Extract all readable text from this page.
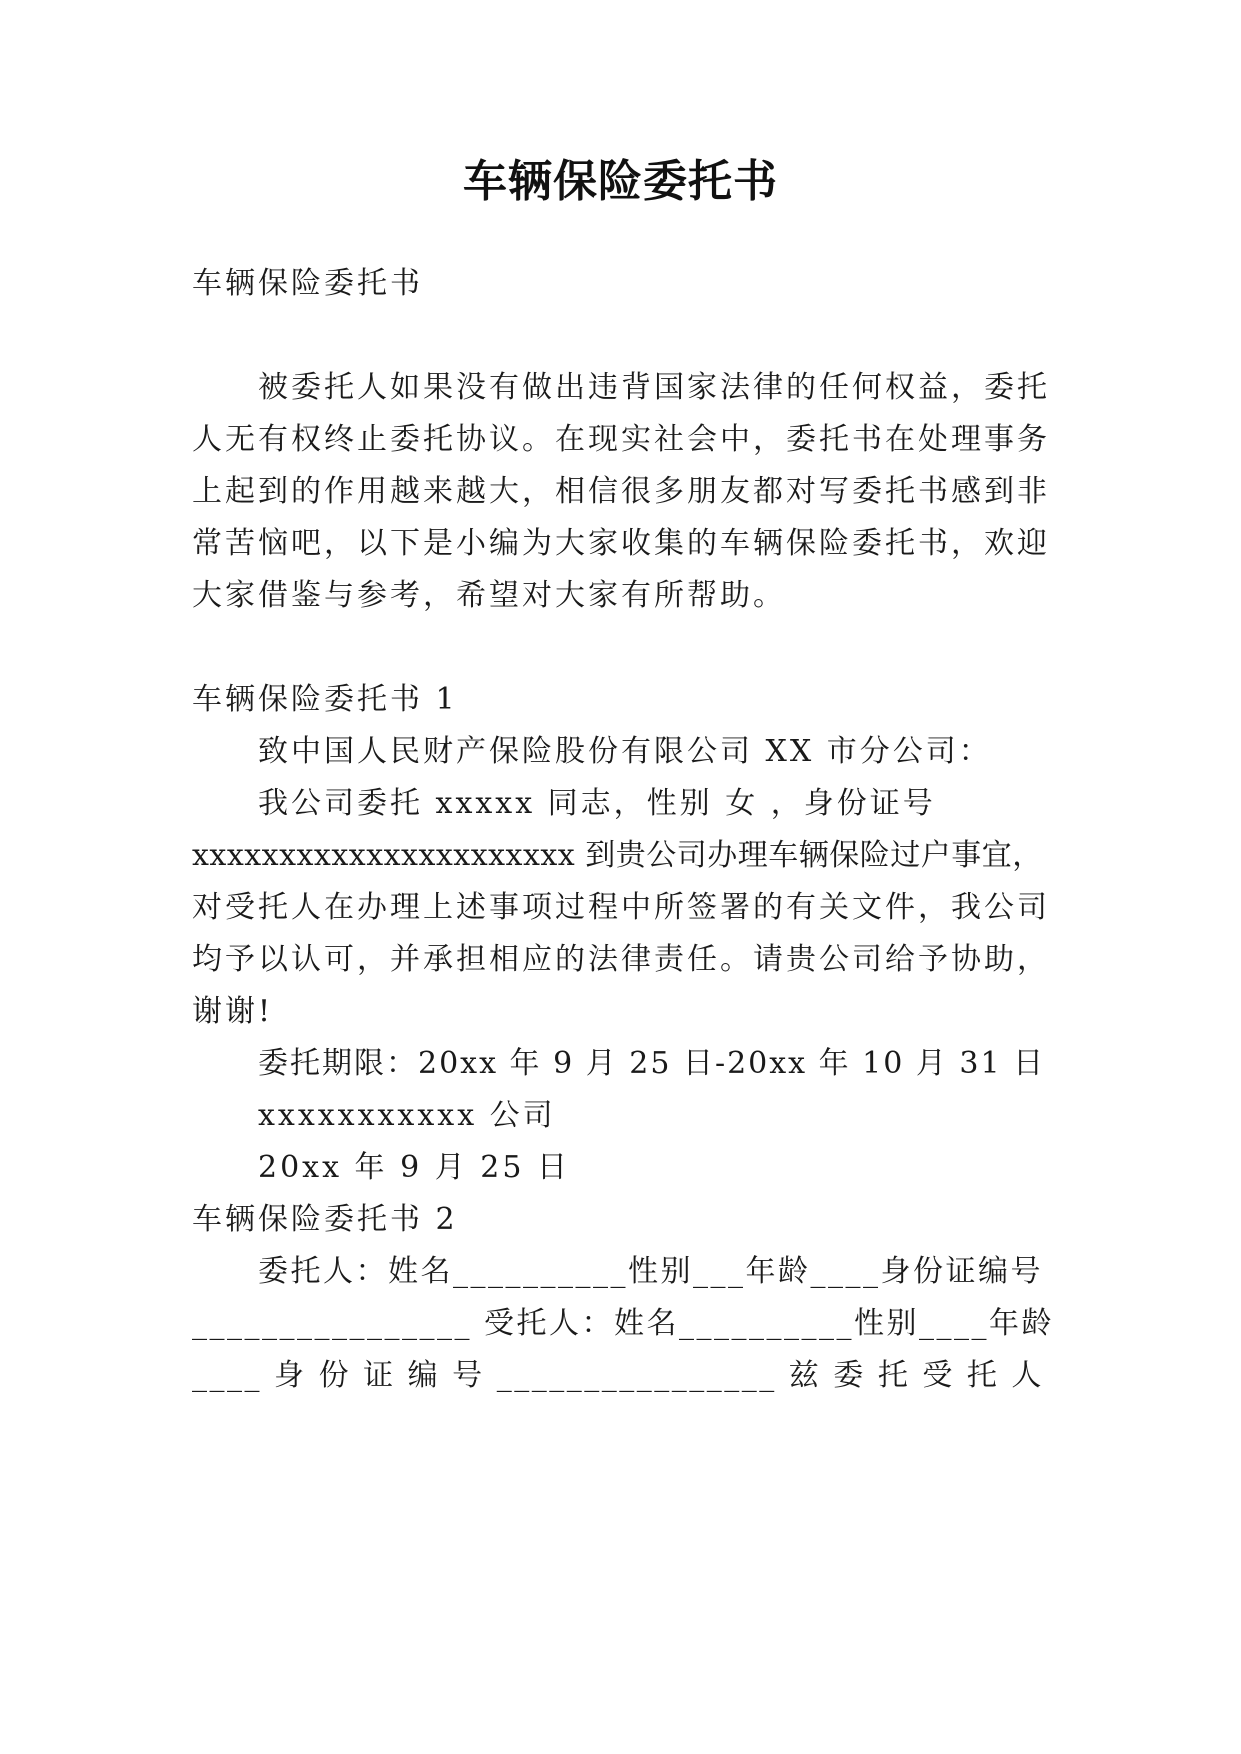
车辆保险委托书
车辆保险委托书
被委托人如果没有做出违背国家法律的任何权益，委托
人无有权终止委托协议。在现实社会中，委托书在处理事务
上起到的作用越来越大，相信很多朋友都对写委托书感到非
常苦恼吧，以下是小编为大家收集的车辆保险委托书，欢迎
大家借鉴与参考，希望对大家有所帮助。
车辆保险委托书 1
致中国人民财产保险股份有限公司 XX 市分公司：
我公司委托 xxxxx 同志，性别 女 ，身份证号
xxxxxxxxxxxxxxxxxxxxxx 到贵公司办理车辆保险过户事宜，
对受托人在办理上述事项过程中所签署的有关文件，我公司
均予以认可，并承担相应的法律责任。请贵公司给予协助，
谢谢!
委托期限：20xx 年 9 月 25 日-20xx 年 10 月 31 日
xxxxxxxxxxx 公司
20xx 年 9 月 25 日
车辆保险委托书 2
委托人：姓名__________性别___年龄____身份证编号
________________ 受托人：姓名__________性别____年龄
____ 身 份 证 编 号 ________________ 兹 委 托 受 托 人
